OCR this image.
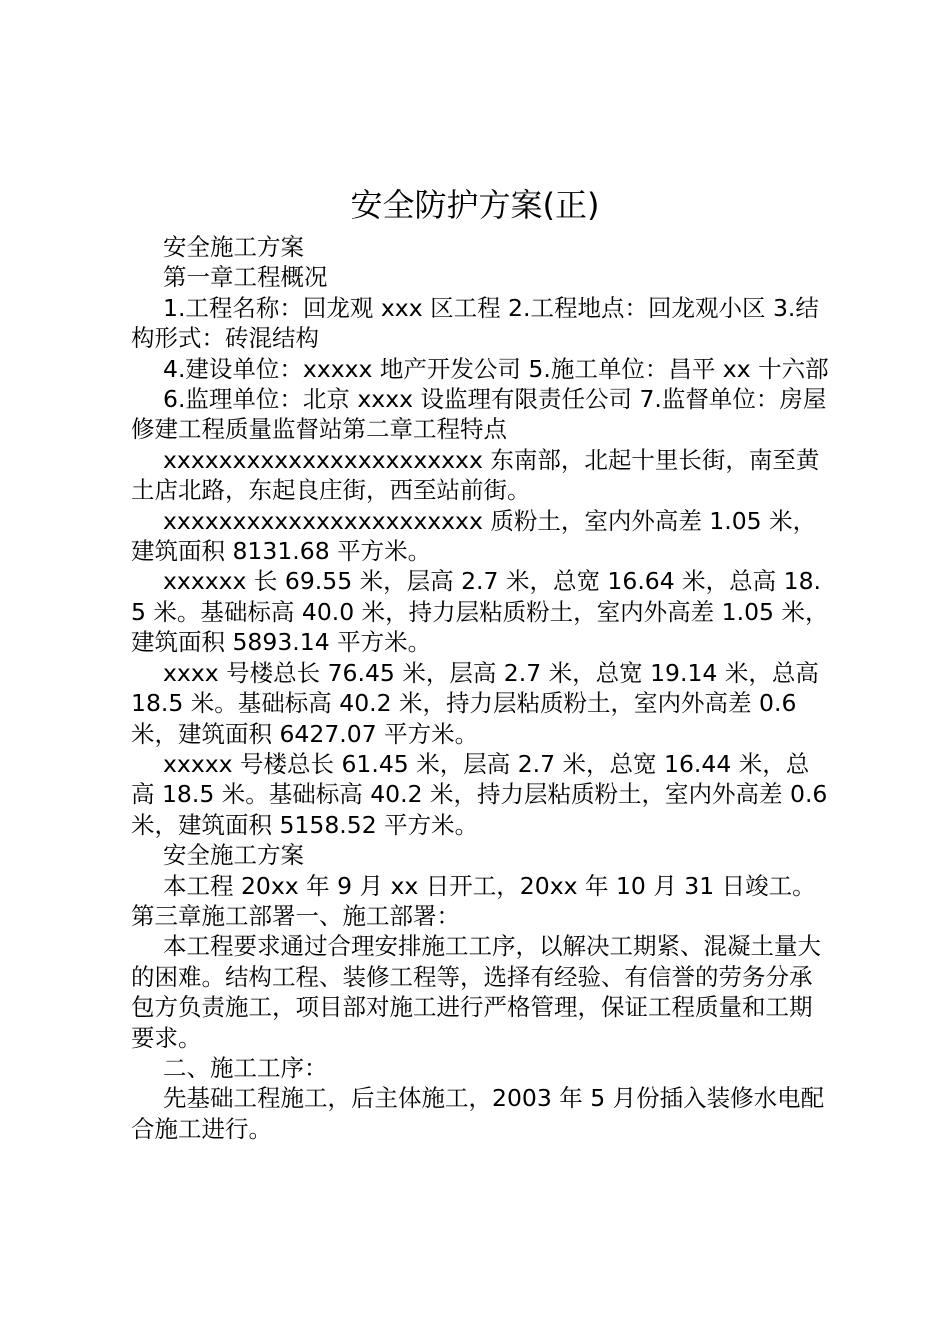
安全防护方案(正)

安全施工方案

第一章工程概况

1.工程名称：回龙观 xxx 区工程 2.工程地点：回龙观小区 3.结构形式：砖混结构

4.建设单位：xxxxx 地产开发公司 5.施工单位：昌平 xx 十六部

6.监理单位：北京 xxxx 设监理有限责任公司 7.监督单位：房屋修建工程质量监督站第二章工程特点

xxxxxxxxxxxxxxxxxxxxxxx 东南部，北起十里长街，南至黄土店北路，东起良庄街，西至站前街。

xxxxxxxxxxxxxxxxxxxxxxx 质粉土，室内外高差 1.05 米，建筑面积 8131.68 平方米。

xxxxxx 长 69.55 米，层高 2.7 米，总宽 16.64 米，总高 18.5 米。基础标高 40.0 米，持力层粘质粉土，室内外高差 1.05 米，建筑面积 5893.14 平方米。

xxxx 号楼总长 76.45 米，层高 2.7 米，总宽 19.14 米，总高 18.5 米。基础标高 40.2 米，持力层粘质粉土，室内外高差 0.6 米，建筑面积 6427.07 平方米。

xxxxx 号楼总长 61.45 米，层高 2.7 米，总宽 16.44 米，总高 18.5 米。基础标高 40.2 米，持力层粘质粉土，室内外高差 0.6 米，建筑面积 5158.52 平方米。

安全施工方案

本工程 20xx 年 9 月 xx 日开工，20xx 年 10 月 31 日竣工。第三章施工部署一、施工部署：

本工程要求通过合理安排施工工序，以解决工期紧、混凝土量大的困难。结构工程、装修工程等，选择有经验、有信誉的劳务分承包方负责施工，项目部对施工进行严格管理，保证工程质量和工期要求。

二、施工工序：

先基础工程施工，后主体施工，2003 年 5 月份插入装修水电配合施工进行。
